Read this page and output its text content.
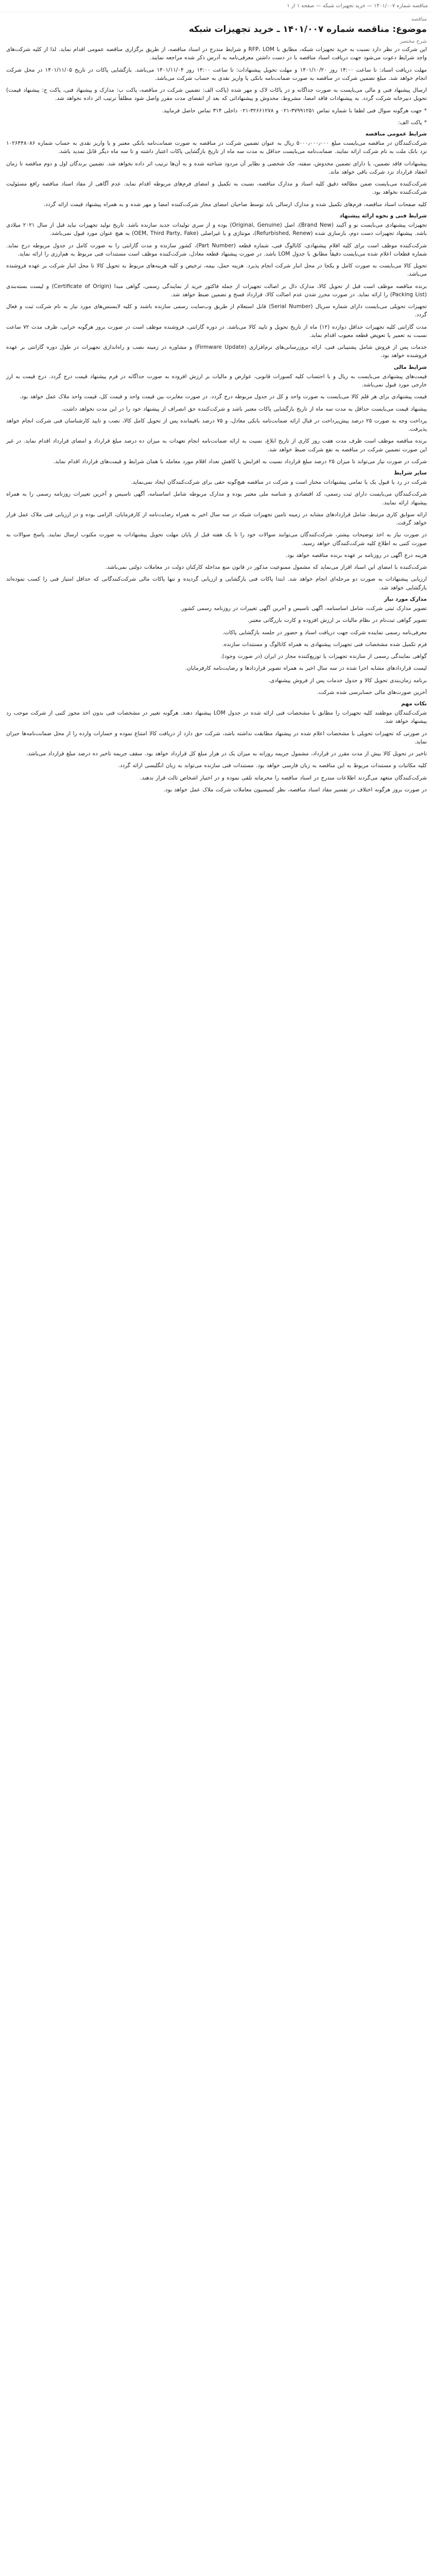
مناقصه شماره ۱۴۰۱/۰۰۷ — خرید تجهیزات شبکه — صفحه ۱ از ۱
مناقصه
موضوع: مناقصه شماره ۱۴۰۱/۰۰۷ ـ خرید تجهیزات شبکه
شرح مختصر

این شرکت در نظر دارد نسبت به خرید تجهیزات شبکه، مطابق با RFP، LOM و شرایط مندرج در اسناد مناقصه، از طریق برگزاری مناقصه عمومی اقدام نماید. لذا از کلیه شرکت‌های واجد شرایط دعوت می‌شود جهت دریافت اسناد مناقصه با در دست داشتن معرفی‌نامه به آدرس ذکر شده مراجعه نمایند.

مهلت دریافت اسناد: تا ساعت ۱۴:۰۰ روز ۱۴۰۱/۱۰/۲۰ و مهلت تحویل پیشنهادات: تا ساعت ۱۴:۰۰ روز ۱۴۰۱/۱۱/۰۴ می‌باشد. بازگشایی پاکات در تاریخ ۱۴۰۱/۱۱/۰۵ در محل شرکت انجام خواهد شد. مبلغ تضمین شرکت در مناقصه به صورت ضمانت‌نامه بانکی یا واریز نقدی به حساب شرکت می‌باشد.

ارسال پیشنهاد فنی و مالی می‌بایست به صورت جداگانه و در پاکات لاک و مهر شده (پاکت الف: تضمین شرکت در مناقصه، پاکت ب: مدارک و پیشنهاد فنی، پاکت ج: پیشنهاد قیمت) تحویل دبیرخانه شرکت گردد. به پیشنهادات فاقد امضا، مشروط، مخدوش و پیشنهاداتی که بعد از انقضای مدت مقرر واصل شود مطلقاً ترتیب اثر داده نخواهد شد.

* جهت هرگونه سوال فنی لطفا با شماره تماس ۳۷۹۹۱۲۵۱-۰۲۱ و ۳۲۶۶۱۲۷۸-۰۲۱ داخلی ۳۱۴ تماس حاصل فرمایید.

* پاکت الف:

شرایط عمومی مناقصه

شرکت‌کنندگان در مناقصه می‌بایست مبلغ ۵۰۰۰٫۰۰۰٫۰۰۰ ریال به عنوان تضمین شرکت در مناقصه به صورت ضمانت‌نامه بانکی معتبر و یا واریز نقدی به حساب شماره ۱۰۲۶۴۴۸۰۸۶ نزد بانک ملت به نام شرکت ارائه نمایند. ضمانت‌نامه می‌بایست حداقل به مدت سه ماه از تاریخ بازگشایی پاکات اعتبار داشته و تا سه ماه دیگر قابل تمدید باشد.

پیشنهادات فاقد تضمین، یا دارای تضمین مخدوش، سفته، چک شخصی و نظایر آن مردود شناخته شده و به آن‌ها ترتیب اثر داده نخواهد شد. تضمین برندگان اول و دوم مناقصه تا زمان انعقاد قرارداد نزد شرکت باقی خواهد ماند.

شرکت‌کننده می‌بایست ضمن مطالعه دقیق کلیه اسناد و مدارک مناقصه، نسبت به تکمیل و امضای فرم‌های مربوطه اقدام نماید. عدم آگاهی از مفاد اسناد مناقصه رافع مسئولیت شرکت‌کننده نخواهد بود.

کلیه صفحات اسناد مناقصه، فرم‌های تکمیل شده و مدارک ارسالی باید توسط صاحبان امضای مجاز شرکت‌کننده امضا و مهر شده و به همراه پیشنهاد قیمت ارائه گردد.

شرایط فنی و نحوه ارائه پیشنهاد

تجهیزات پیشنهادی می‌بایست نو و آکبند (Brand New)، اصل (Original, Genuine) بوده و از سری تولیدات جدید سازنده باشد. تاریخ تولید تجهیزات نباید قبل از سال ۲۰۲۱ میلادی باشد. پیشنهاد تجهیزات دست دوم، بازسازی شده (Refurbished, Renew)، مونتاژی و یا غیراصلی (OEM, Third Party, Fake) به هیچ عنوان مورد قبول نمی‌باشد.

شرکت‌کننده موظف است برای کلیه اقلام پیشنهادی، کاتالوگ فنی، شماره قطعه (Part Number)، کشور سازنده و مدت گارانتی را به صورت کامل در جدول مربوطه درج نماید. شماره قطعات اعلام شده می‌بایست دقیقاً مطابق با جدول LOM باشد. در صورت پیشنهاد قطعه معادل، شرکت‌کننده موظف است مستندات فنی مربوط به هم‌ارزی را ارائه نماید.

تحویل کالا می‌بایست به صورت کامل و یکجا در محل انبار شرکت انجام پذیرد. هزینه حمل، بیمه، ترخیص و کلیه هزینه‌های مربوط به تحویل کالا تا محل انبار شرکت بر عهده فروشنده می‌باشد.

برنده مناقصه موظف است قبل از تحویل کالا، مدارک دال بر اصالت تجهیزات از جمله فاکتور خرید از نمایندگی رسمی، گواهی مبدا (Certificate of Origin) و لیست بسته‌بندی (Packing List) را ارائه نماید. در صورت محرز شدن عدم اصالت کالا، قرارداد فسخ و تضمین ضبط خواهد شد.

تجهیزات تحویلی می‌بایست دارای شماره سریال (Serial Number) قابل استعلام از طریق وب‌سایت رسمی سازنده باشند و کلیه لایسنس‌های مورد نیاز به نام شرکت ثبت و فعال گردد.

مدت گارانتی کلیه تجهیزات حداقل دوازده (۱۲) ماه از تاریخ تحویل و تایید کالا می‌باشد. در دوره گارانتی، فروشنده موظف است در صورت بروز هرگونه خرابی، ظرف مدت ۷۲ ساعت نسبت به تعمیر یا تعویض قطعه معیوب اقدام نماید.

خدمات پس از فروش شامل پشتیبانی فنی، ارائه بروزرسانی‌های نرم‌افزاری (Firmware Update) و مشاوره در زمینه نصب و راه‌اندازی تجهیزات در طول دوره گارانتی بر عهده فروشنده خواهد بود.

شرایط مالی

قیمت‌های پیشنهادی می‌بایست به ریال و با احتساب کلیه کسورات قانونی، عوارض و مالیات بر ارزش افزوده به صورت جداگانه در فرم پیشنهاد قیمت درج گردد. درج قیمت به ارز خارجی مورد قبول نمی‌باشد.

قیمت پیشنهادی برای هر قلم کالا می‌بایست به صورت واحد و کل در جدول مربوطه درج گردد. در صورت مغایرت بین قیمت واحد و قیمت کل، قیمت واحد ملاک عمل خواهد بود.

پیشنهاد قیمت می‌بایست حداقل به مدت سه ماه از تاریخ بازگشایی پاکات معتبر باشد و شرکت‌کننده حق انصراف از پیشنهاد خود را در این مدت نخواهد داشت.

پرداخت وجه به صورت ۲۵ درصد پیش‌پرداخت در قبال ارائه ضمانت‌نامه بانکی معادل، و ۷۵ درصد باقیمانده پس از تحویل کامل کالا، نصب و تایید کارشناسان فنی شرکت انجام خواهد پذیرفت.

برنده مناقصه موظف است ظرف مدت هفت روز کاری از تاریخ ابلاغ، نسبت به ارائه ضمانت‌نامه انجام تعهدات به میزان ده درصد مبلغ قرارداد و امضای قرارداد اقدام نماید. در غیر این صورت تضمین شرکت در مناقصه به نفع شرکت ضبط خواهد شد.

شرکت در صورت نیاز می‌تواند تا میزان ۲۵ درصد مبلغ قرارداد نسبت به افزایش یا کاهش تعداد اقلام مورد معامله با همان شرایط و قیمت‌های قرارداد اقدام نماید.

سایر شرایط

شرکت در رد یا قبول یک یا تمامی پیشنهادات مختار است و شرکت در مناقصه هیچ‌گونه حقی برای شرکت‌کنندگان ایجاد نمی‌نماید.

شرکت‌کنندگان می‌بایست دارای ثبت رسمی، کد اقتصادی و شناسه ملی معتبر بوده و مدارک مربوطه شامل اساسنامه، آگهی تاسیس و آخرین تغییرات روزنامه رسمی را به همراه پیشنهاد ارائه نمایند.

ارائه سوابق کاری مرتبط، شامل قراردادهای مشابه در زمینه تامین تجهیزات شبکه در سه سال اخیر به همراه رضایت‌نامه از کارفرمایان، الزامی بوده و در ارزیابی فنی ملاک عمل قرار خواهد گرفت.

در صورت نیاز به اخذ توضیحات بیشتر، شرکت‌کنندگان می‌توانند سوالات خود را تا یک هفته قبل از پایان مهلت تحویل پیشنهادات به صورت مکتوب ارسال نمایند. پاسخ سوالات به صورت کتبی به اطلاع کلیه شرکت‌کنندگان خواهد رسید.

هزینه درج آگهی در روزنامه بر عهده برنده مناقصه خواهد بود.

شرکت‌کننده با امضای این اسناد اقرار می‌نماید که مشمول ممنوعیت مذکور در قانون منع مداخله کارکنان دولت در معاملات دولتی نمی‌باشد.

ارزیابی پیشنهادات به صورت دو مرحله‌ای انجام خواهد شد. ابتدا پاکات فنی بازگشایی و ارزیابی گردیده و تنها پاکات مالی شرکت‌کنندگانی که حداقل امتیاز فنی را کسب نموده‌اند بازگشایی خواهد شد.

مدارک مورد نیاز

تصویر مدارک ثبتی شرکت، شامل اساسنامه، آگهی تاسیس و آخرین آگهی تغییرات در روزنامه رسمی کشور.

تصویر گواهی ثبت‌نام در نظام مالیات بر ارزش افزوده و کارت بازرگانی معتبر.

معرفی‌نامه رسمی نماینده شرکت جهت دریافت اسناد و حضور در جلسه بازگشایی پاکات.

فرم تکمیل شده مشخصات فنی تجهیزات پیشنهادی به همراه کاتالوگ و مستندات سازنده.

گواهی نمایندگی رسمی از سازنده تجهیزات یا توزیع‌کننده مجاز در ایران (در صورت وجود).

لیست قراردادهای مشابه اجرا شده در سه سال اخیر به همراه تصویر قراردادها و رضایت‌نامه کارفرمایان.

برنامه زمان‌بندی تحویل کالا و جدول خدمات پس از فروش پیشنهادی.

آخرین صورت‌های مالی حسابرسی شده شرکت.

نکات مهم

شرکت‌کنندگان موظفند کلیه تجهیزات را مطابق با مشخصات فنی ارائه شده در جدول LOM پیشنهاد دهند. هرگونه تغییر در مشخصات فنی بدون اخذ مجوز کتبی از شرکت موجب رد پیشنهاد خواهد شد.

در صورتی که تجهیزات تحویلی با مشخصات اعلام شده در پیشنهاد مطابقت نداشته باشد، شرکت حق دارد از دریافت کالا امتناع نموده و خسارات وارده را از محل ضمانت‌نامه‌ها جبران نماید.

تاخیر در تحویل کالا بیش از مدت مقرر در قرارداد، مشمول جریمه روزانه به میزان یک در هزار مبلغ کل قرارداد خواهد بود. سقف جریمه تاخیر ده درصد مبلغ قرارداد می‌باشد.

کلیه مکاتبات و مستندات مربوط به این مناقصه به زبان فارسی خواهد بود. مستندات فنی سازنده می‌تواند به زبان انگلیسی ارائه گردد.

شرکت‌کنندگان متعهد می‌گردند اطلاعات مندرج در اسناد مناقصه را محرمانه تلقی نموده و در اختیار اشخاص ثالث قرار ندهند.

در صورت بروز هرگونه اختلاف در تفسیر مفاد اسناد مناقصه، نظر کمیسیون معاملات شرکت ملاک عمل خواهد بود.
